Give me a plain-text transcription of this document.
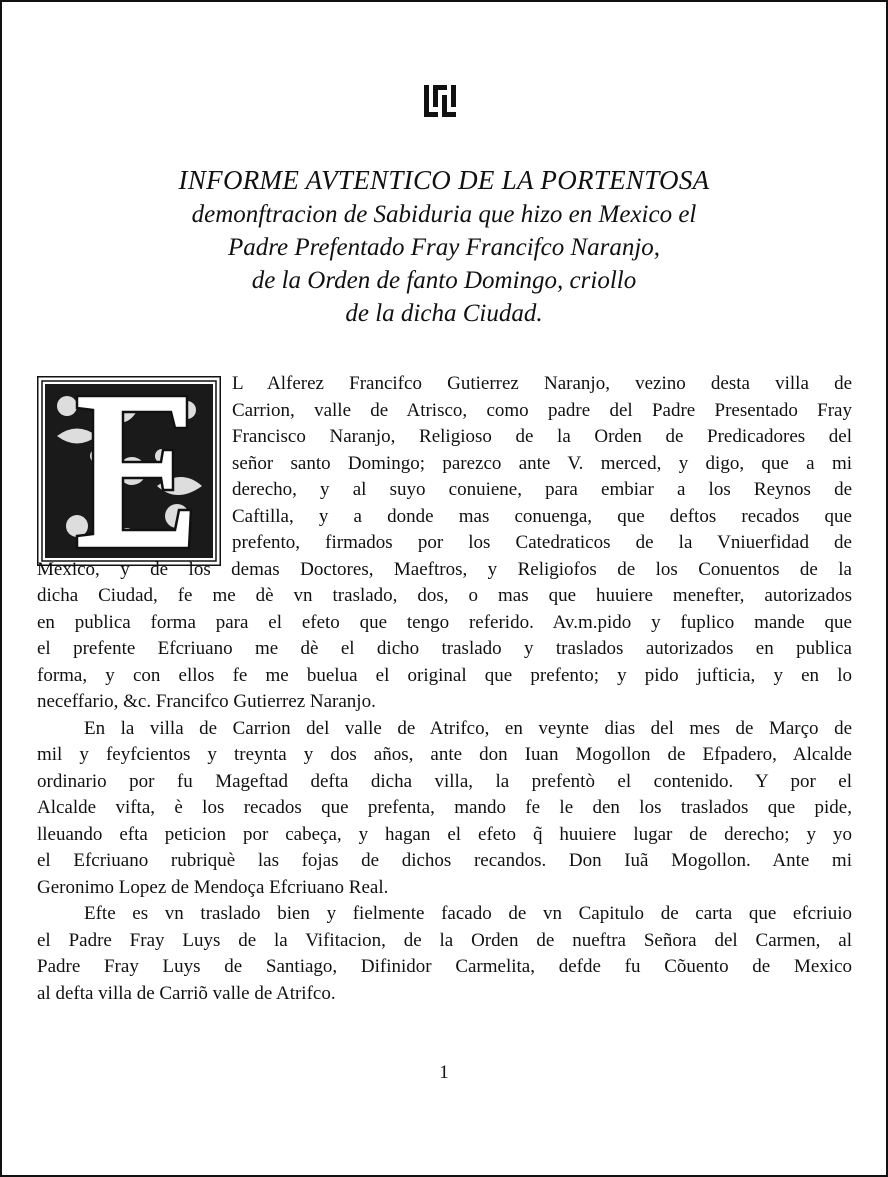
INFORME AVTENTICO DE LA PORTENTOSA
demonftracion de Sabiduria que hizo en Mexico el
Padre Prefentado Fray Francifco Naranjo,
de la Orden de fanto Domingo, criollo
de la dicha Ciudad.
L Alferez Francifco Gutierrez Naranjo, vezino desta villa de
Carrion, valle de Atrisco, como padre del Padre Presentado Fray
Francisco Naranjo, Religioso de la Orden de Predicadores del
señor santo Domingo; parezco ante V. merced, y digo, que a mi
derecho, y al suyo conuiene, para embiar a los Reynos de
Caftilla, y a donde mas conuenga, que deftos recados que
prefento, firmados por los Catedraticos de la Vniuerfidad de
Mexico, y de los demas Doctores, Maeftros, y Religiofos de los Conuentos de la
dicha Ciudad, fe me dè vn traslado, dos, o mas que huuiere menefter, autorizados
en publica forma para el efeto que tengo referido. Av.m.pido y fuplico mande que
el prefente Efcriuano me dè el dicho traslado y traslados autorizados en publica
forma, y con ellos fe me buelua el original que prefento; y pido jufticia, y en lo
neceffario, &c. Francifco Gutierrez Naranjo.
En la villa de Carrion del valle de Atrifco, en veynte dias del mes de Março de
mil y feyfcientos y treynta y dos años, ante don Iuan Mogollon de Efpadero, Alcalde
ordinario por fu Mageftad defta dicha villa, la prefentò el contenido. Y por el
Alcalde vifta, è los recados que prefenta, mando fe le den los traslados que pide,
lleuando efta peticion por cabeça, y hagan el efeto q̃ huuiere lugar de derecho; y yo
el Efcriuano rubriquè las fojas de dichos recandos. Don Iuã Mogollon. Ante mi
Geronimo Lopez de Mendoça Efcriuano Real.
Efte es vn traslado bien y fielmente facado de vn Capitulo de carta que efcriuio
el Padre Fray Luys de la Vifitacion, de la Orden de nueftra Señora del Carmen, al
Padre Fray Luys de Santiago, Difinidor Carmelita, defde fu Cõuento de Mexico
al defta villa de Carriõ valle de Atrifco.
1
